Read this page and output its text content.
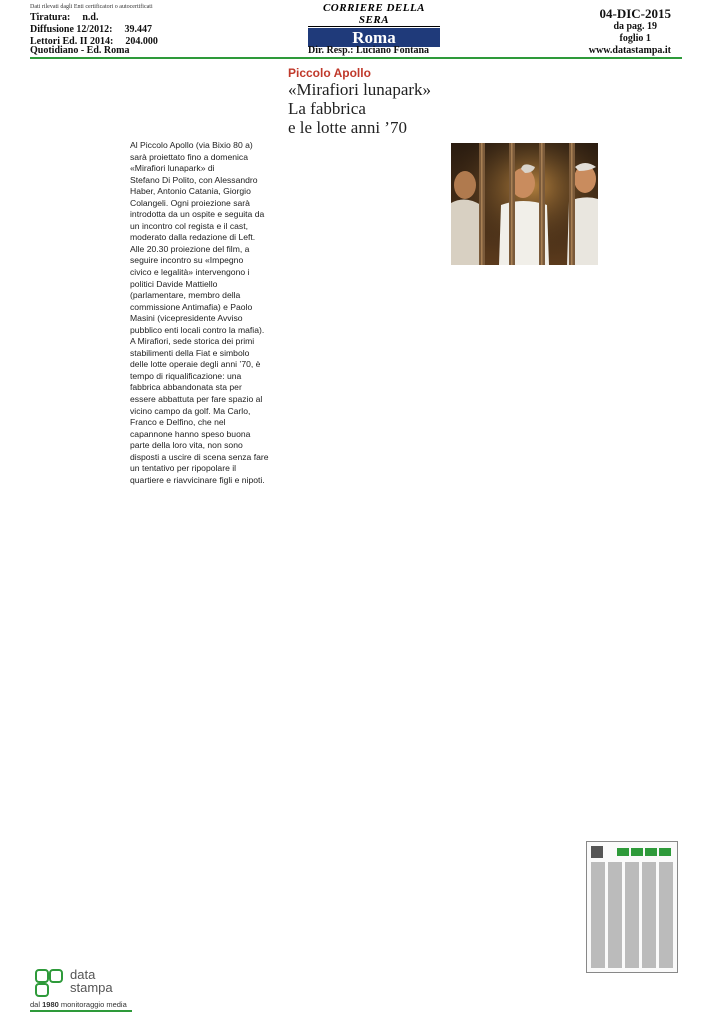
Dati rilevati dagli Enti certificatori o autocertificati
Tiratura: n.d.
Diffusione 12/2012: 39.447
Lettori Ed. II 2014: 204.000
CORRIERE DELLA SERA
Roma
04-DIC-2015
da pag. 19
foglio 1
Quotidiano - Ed. Roma	Dir. Resp.: Luciano Fontana	www.datastampa.it
Piccolo Apollo
«Mirafiori lunapark»
La fabbrica
e le lotte anni ’70
Al Piccolo Apollo (via Bixio 80 a)
sarà proiettato fino a domenica
«Mirafiori lunapark» di
Stefano Di Polito, con Alessandro
Haber, Antonio Catania, Giorgio
Colangeli. Ogni proiezione sarà
introdotta da un ospite e seguita da
un incontro col regista e il cast,
moderato dalla redazione di Left.
Alle 20.30 proiezione del film, a
seguire incontro su «Impegno
civico e legalità» intervengono i
politici Davide Mattiello
(parlamentare, membro della
commissione Antimafia) e Paolo
Masini (vicepresidente Avviso
pubblico enti locali contro la mafia).
A Mirafiori, sede storica dei primi
stabilimenti della Fiat e simbolo
delle lotte operaie degli anni ’70, è
tempo di riqualificazione: una
fabbrica abbandonata sta per
essere abbattuta per fare spazio al
vicino campo da golf. Ma Carlo,
Franco e Delfino, che nel
capannone hanno speso buona
parte della loro vita, non sono
disposti a uscire di scena senza fare
un tentativo per ripopolare il
quartiere e riavvicinare figli e nipoti.
data
stampa
dal 1980 monitoraggio media
